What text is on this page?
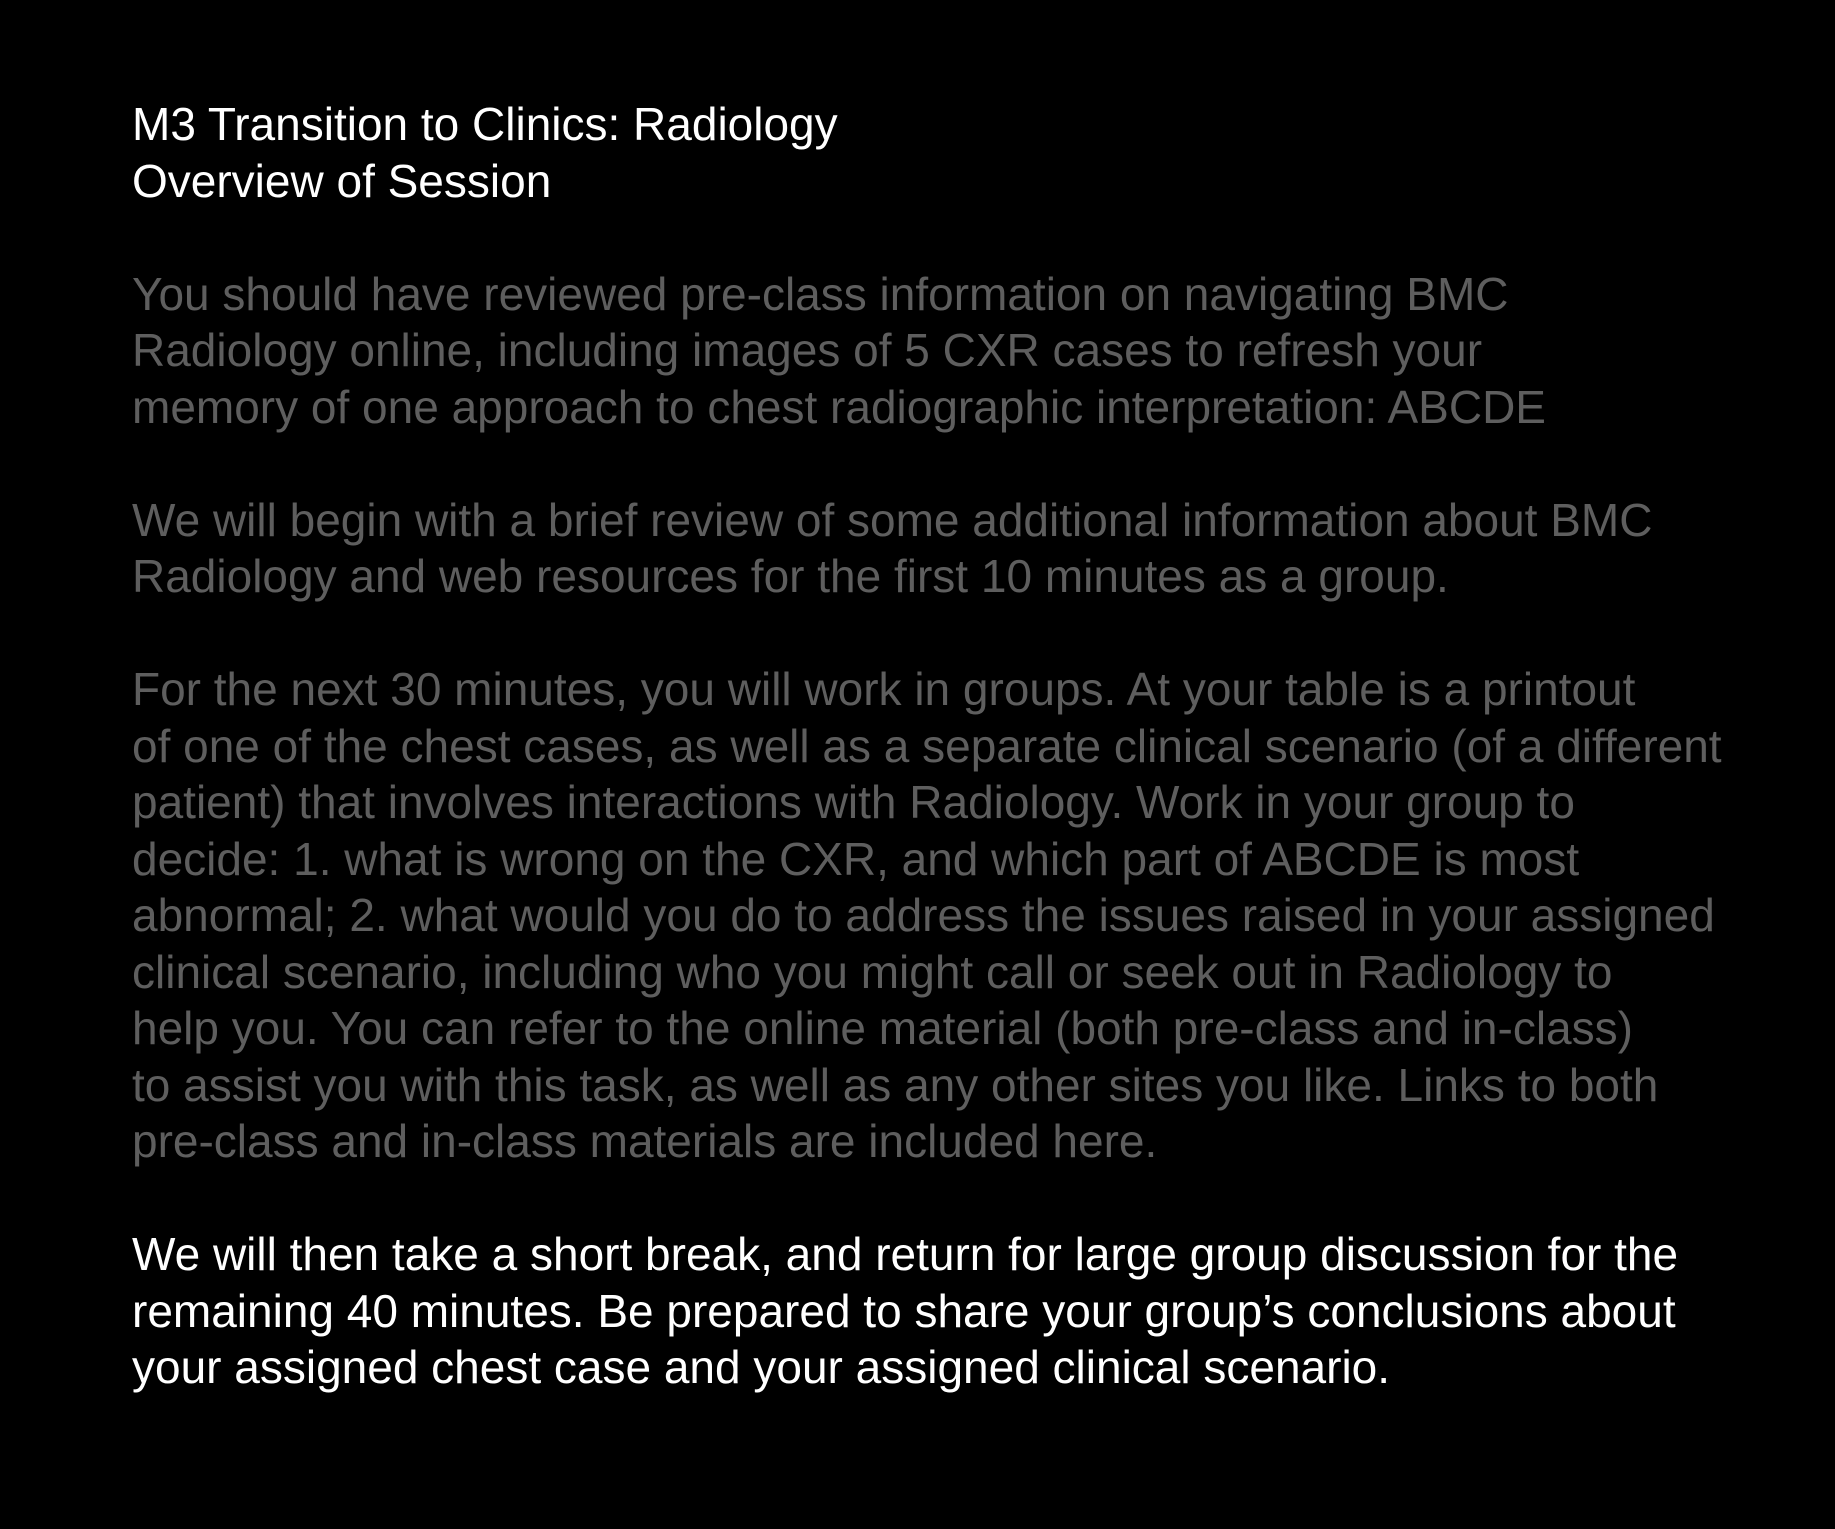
M3 Transition to Clinics: Radiology
Overview of Session
You should have reviewed pre-class information on navigating BMC
Radiology online, including images of 5 CXR cases to refresh your
memory of one approach to chest radiographic interpretation: ABCDE
We will begin with a brief review of some additional information about BMC
Radiology and web resources for the first 10 minutes as a group.
For the next 30 minutes, you will work in groups. At your table is a printout
of one of the chest cases, as well as a separate clinical scenario (of a different
patient) that involves interactions with Radiology. Work in your group to
decide: 1. what is wrong on the CXR, and which part of ABCDE is most
abnormal; 2. what would you do to address the issues raised in your assigned
clinical scenario, including who you might call or seek out in Radiology to
help you. You can refer to the online material (both pre-class and in-class)
to assist you with this task, as well as any other sites you like. Links to both
pre-class and in-class materials are included here.
We will then take a short break, and return for large group discussion for the
remaining 40 minutes. Be prepared to share your group’s conclusions about
your assigned chest case and your assigned clinical scenario.
